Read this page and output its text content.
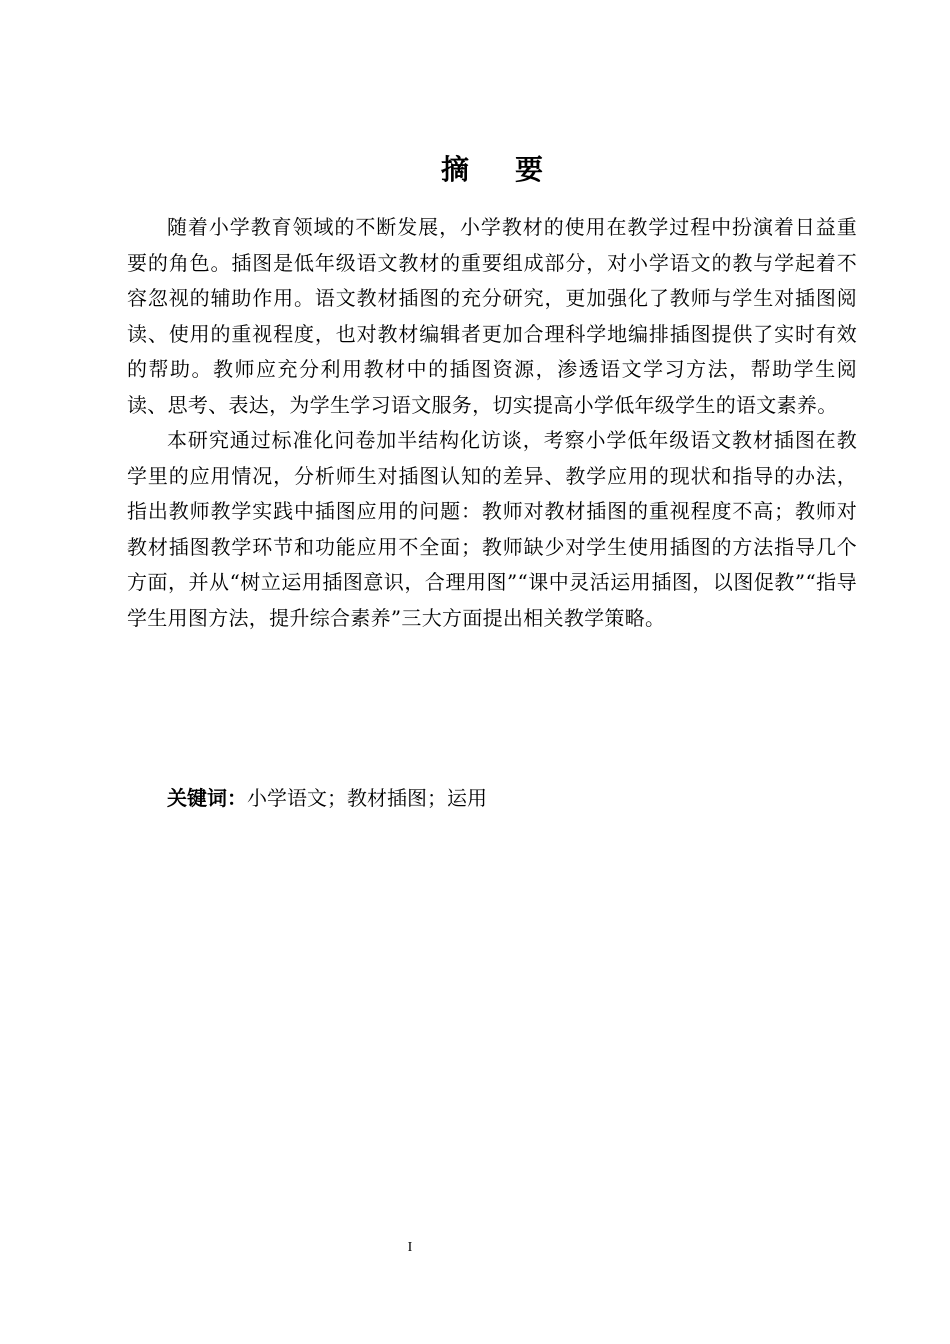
摘 要

随着小学教育领域的不断发展，小学教材的使用在教学过程中扮演着日益重要的角色。插图是低年级语文教材的重要组成部分，对小学语文的教与学起着不容忽视的辅助作用。语文教材插图的充分研究，更加强化了教师与学生对插图阅读、使用的重视程度，也对教材编辑者更加合理科学地编排插图提供了实时有效的帮助。教师应充分利用教材中的插图资源，渗透语文学习方法，帮助学生阅读、思考、表达，为学生学习语文服务，切实提高小学低年级学生的语文素养。

本研究通过标准化问卷加半结构化访谈，考察小学低年级语文教材插图在教学里的应用情况，分析师生对插图认知的差异、教学应用的现状和指导的办法，指出教师教学实践中插图应用的问题：教师对教材插图的重视程度不高；教师对教材插图教学环节和功能应用不全面；教师缺少对学生使用插图的方法指导几个方面，并从“树立运用插图意识，合理用图”“课中灵活运用插图，以图促教”“指导学生用图方法，提升综合素养”三大方面提出相关教学策略。

关键词：小学语文；教材插图；运用
I
